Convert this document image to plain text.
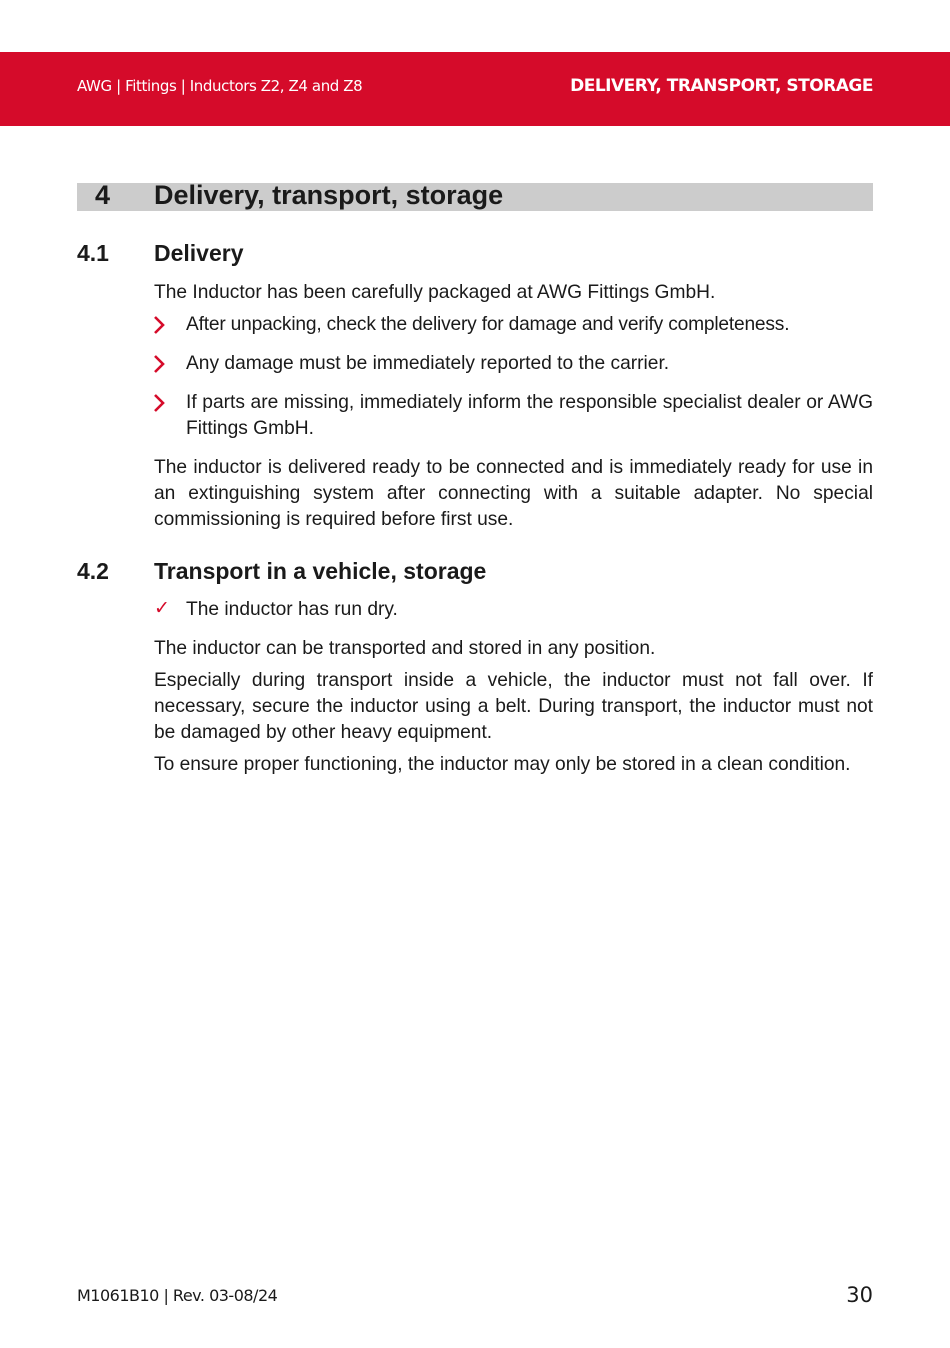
AWG | Fittings | Inductors Z2, Z4 and Z8	DELIVERY, TRANSPORT, STORAGE
4 Delivery, transport, storage
4.1 Delivery

The Inductor has been carefully packaged at AWG Fittings GmbH.

After unpacking, check the delivery for damage and verify completeness.

Any damage must be immediately reported to the carrier.

If parts are missing, immediately inform the responsible specialist dealer or AWG Fittings GmbH.

The inductor is delivered ready to be connected and is immediately ready for use in an extinguishing system after connecting with a suitable adapter. No special commissioning is required before first use.

4.2 Transport in a vehicle, storage
✓ The inductor has run dry.

The inductor can be transported and stored in any position.

Especially during transport inside a vehicle, the inductor must not fall over. If necessary, secure the inductor using a belt. During transport, the inductor must not be damaged by other heavy equipment.

To ensure proper functioning, the inductor may only be stored in a clean condition.

M1061B10 | Rev. 03-08/24	30
